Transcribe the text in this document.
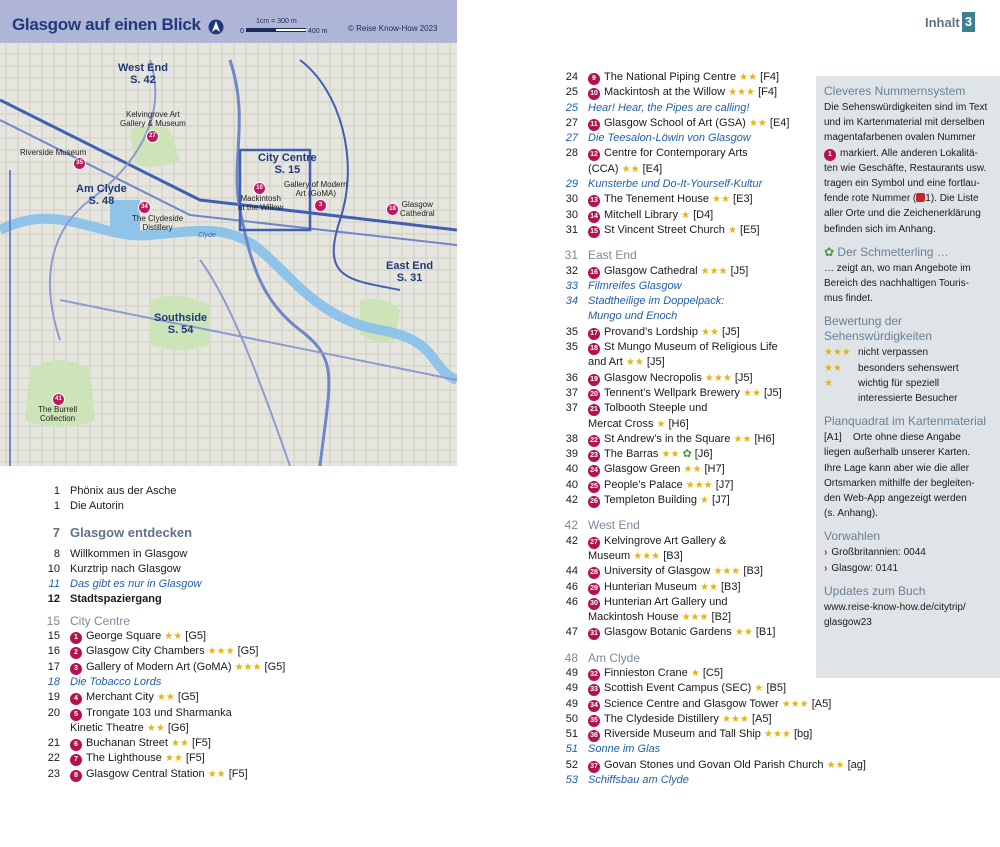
Glasgow auf einen Blick	1cm = 300 m
0	400 m	© Reise Know-How 2023
West End
S. 42
City Centre
S. 15
Am Clyde
S. 48
East End
S. 31
Southside
S. 54
Kelvingrove Art
Gallery & Museum
27
Riverside Museum
35
34
The Clydeside
Distillery
10
Mackintosh
at the Willow
Gallery of Modern
Art (GoMA)
3
18 Glasgow
Cathedral
41
The Burrell
Collection
Clyde
Inhalt 3
1 Phönix aus der Asche
1 Die Autorin
7 Glasgow entdecken
8 Willkommen in Glasgow
10 Kurztrip nach Glasgow
11 Das gibt es nur in Glasgow
12 Stadtspaziergang
15 City Centre
15	1 George Square ★★ [G5]
16	2 Glasgow City Chambers ★★★ [G5]
17	3 Gallery of Modern Art (GoMA) ★★★ [G5]
18 Die Tobacco Lords
19	4 Merchant City ★★ [G5]
20	5 Trongate 103 und Sharmanka
Kinetic Theatre ★★ [G6]
21	6 Buchanan Street ★★ [F5]
22	7 The Lighthouse ★★ [F5]
23	8 Glasgow Central Station ★★ [F5]
24	9 The National Piping Centre ★★ [F4]
25 10 Mackintosh at the Willow ★★★ [F4]
25 Hear! Hear, the Pipes are calling!
27	11 Glasgow School of Art (GSA) ★★ [E4]
27 Die Teesalon-Löwin von Glasgow
28 12 Centre for Contemporary Arts
(CCA) ★★ [E4]
29 Kunsterbe und Do-It-Yourself-Kultur
30 13 The Tenement House ★★ [E3]
30 14 Mitchell Library ★ [D4]
31 15 St Vincent Street Church ★ [E5]
31 East End
32 16 Glasgow Cathedral ★★★ [J5]
33 Filmreifes Glasgow
34 Stadtheilige im Doppelpack:
Mungo und Enoch
35 17 Provand’s Lordship ★★ [J5]
35 18 St Mungo Museum of Religious Life
and Art ★★ [J5]
36 19 Glasgow Necropolis ★★★ [J5]
37 20 Tennent’s Wellpark Brewery ★★ [J5]
37 21 Tolbooth Steeple und
Mercat Cross ★ [H6]
38 22 St Andrew’s in the Square ★★ [H6]
39 23 The Barras ★★ ✿ [J6]
40 24 Glasgow Green ★★ [H7]
40 25 People’s Palace ★★★ [J7]
42 26 Templeton Building ★ [J7]
42 West End
42 27 Kelvingrove Art Gallery &
Museum ★★★ [B3]
44 28 University of Glasgow ★★★ [B3]
46 29 Hunterian Museum ★★ [B3]
46 30 Hunterian Art Gallery und
Mackintosh House ★★★ [B2]
47 31 Glasgow Botanic Gardens ★★ [B1]
48 Am Clyde
49 32 Finnieston Crane ★ [C5]
49 33 Scottish Event Campus (SEC) ★ [B5]
49 34 Science Centre and Glasgow Tower ★★★ [A5]
50 35 The Clydeside Distillery ★★★ [A5]
51 36 Riverside Museum and Tall Ship ★★★ [bg]
51 Sonne im Glas
52 37 Govan Stones und Govan Old Parish Church ★★ [ag]
53 Schiffsbau am Clyde
Cleveres Nummernsystem
Die Sehenswürdigkeiten sind im Text
und im Kartenmaterial mit derselben
magentafarbenen ovalen Nummer
1 markiert. Alle anderen Lokalitä-
ten wie Geschäfte, Restaurants usw.
tragen ein Symbol und eine fortlau-
fende rote Nummer ( 1). Die Liste
aller Orte und die Zeichenerklärung
befinden sich im Anhang.
✿ Der Schmetterling …
… zeigt an, wo man Angebote im
Bereich des nachhaltigen Touris-
mus findet.
Bewertung der
Sehenswürdigkeiten
★★★ nicht verpassen
★★ besonders sehenswert
★	wichtig für speziell
interessierte Besucher
Planquadrat im Kartenmaterial
[A1] Orte ohne diese Angabe
liegen außerhalb unserer Karten.
Ihre Lage kann aber wie die aller
Ortsmarken mithilfe der begleiten-
den Web-App angezeigt werden
(s. Anhang).
Vorwahlen
› Großbritannien: 0044
› Glasgow: 0141
Updates zum Buch
www.reise-know-how.de/citytrip/
glasgow23
